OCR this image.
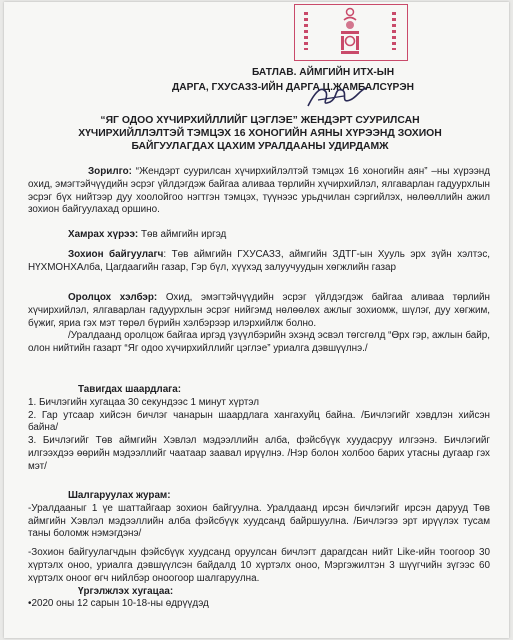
БАТЛАВ. АЙМГИЙН ИТХ-ЫН
ДАРГА, ГХУСАЗЗ-ИЙН ДАРГА Ц.ЖАМБАЛСҮРЭН
“ЯГ ОДОО ХҮЧИРХИЙЛЛИЙГ ЦЭГЛЭЕ” ЖЕНДЭРТ СУУРИЛСАН
ХҮЧИРХИЙЛЛЭЛТЭЙ ТЭМЦЭХ 16 ХОНОГИЙН АЯНЫ ХҮРЭЭНД ЗОХИОН
БАЙГУУЛАГДАХ ЦАХИМ УРАЛДААНЫ УДИРДАМЖ

Зорилго: “Жендэрт суурилсан хүчирхийлэлтэй тэмцэх 16 хоногийн аян” –ны хүрээнд охид, эмэгтэйчүүдийн эсрэг үйлдэгдэж байгаа аливаа төрлийн хүчирхийлэл, ялгаварлан гадуурхлын эсрэг бүх нийтээр дуу хоолойгоо нэгтгэн тэмцэх, түүнээс урьдчилан сэргийлэх, нөлөөллийн ажил зохион байгуулахад оршино.

Хамрах хүрээ: Төв аймгийн иргэд

Зохион байгуулагч: Төв аймгийн ГХУСАЗЗ, аймгийн ЗДТГ-ын Хууль эрх зүйн хэлтэс, НҮХМОНХАлба, Цагдаагийн газар, Гэр бүл, хүүхэд залуучуудын хөгжлийн газар

Оролцох хэлбэр: Охид, эмэгтэйчүүдийн эсрэг үйлдэгдэж байгаа аливаа төрлийн хүчирхийлэл, ялгаварлан гадуурхлын эсрэг нийгэмд нөлөөлөх ажлыг зохиомж, шүлэг, дуу хөгжим, бүжиг, яриа гэх мэт төрөл бүрийн хэлбэрээр илэрхийлж болно.

/Уралдаанд оролцож байгаа иргэд үзүүлбэрийн эхэнд эсвэл төгсгөлд “Өрх гэр, ажлын байр, олон нийтийн газарт “Яг одоо хүчирхийллийг цэглэе” уриалга дэвшүүлнэ./

Тавигдах шаардлага:

1. Бичлэгийн хугацаа 30 секундээс 1 минут хүртэл

2. Гар утсаар хийсэн бичлэг чанарын шаардлага хангахуйц байна. /Бичлэгийг хэвдлэн хийсэн байна/

3. Бичлэгийг Төв аймгийн Хэвлэл мэдээллийн алба, фэйсбүүк хуудасруу илгээнэ. Бичлэгийг илгээхдээ өөрийн мэдээллийг чаатаар заавал ирүүлнэ. /Нэр болон холбоо барих утасны дугаар гэх мэт/

Шалгаруулах журам:

-Уралдааныг 1 үе шаттайгаар зохион байгуулна. Уралдаанд ирсэн бичлэгийг ирсэн дарууд Төв аймгийн Хэвлэл мэдээллийн алба фэйсбүүк хуудсанд байршуулна. /Бичлэгээ эрт ирүүлэх тусам таны боломж нэмэгдэнэ/

-Зохион байгуулагчдын фэйсбүүк хуудсанд оруулсан бичлэгт дарагдсан нийт Like-ийн тоогоор 30 хүртэлх оноо, уриалга дэвшүүлсэн байдалд 10 хүртэлх оноо, Мэргэжилтэн 3 шүүгчийн зүгээс 60 хүртэлх оноог өгч нийлбэр оноогоор шалгаруулна.

Үргэлжлэх хугацаа:

•2020 оны 12 сарын 10-18-ны өдрүүдэд
